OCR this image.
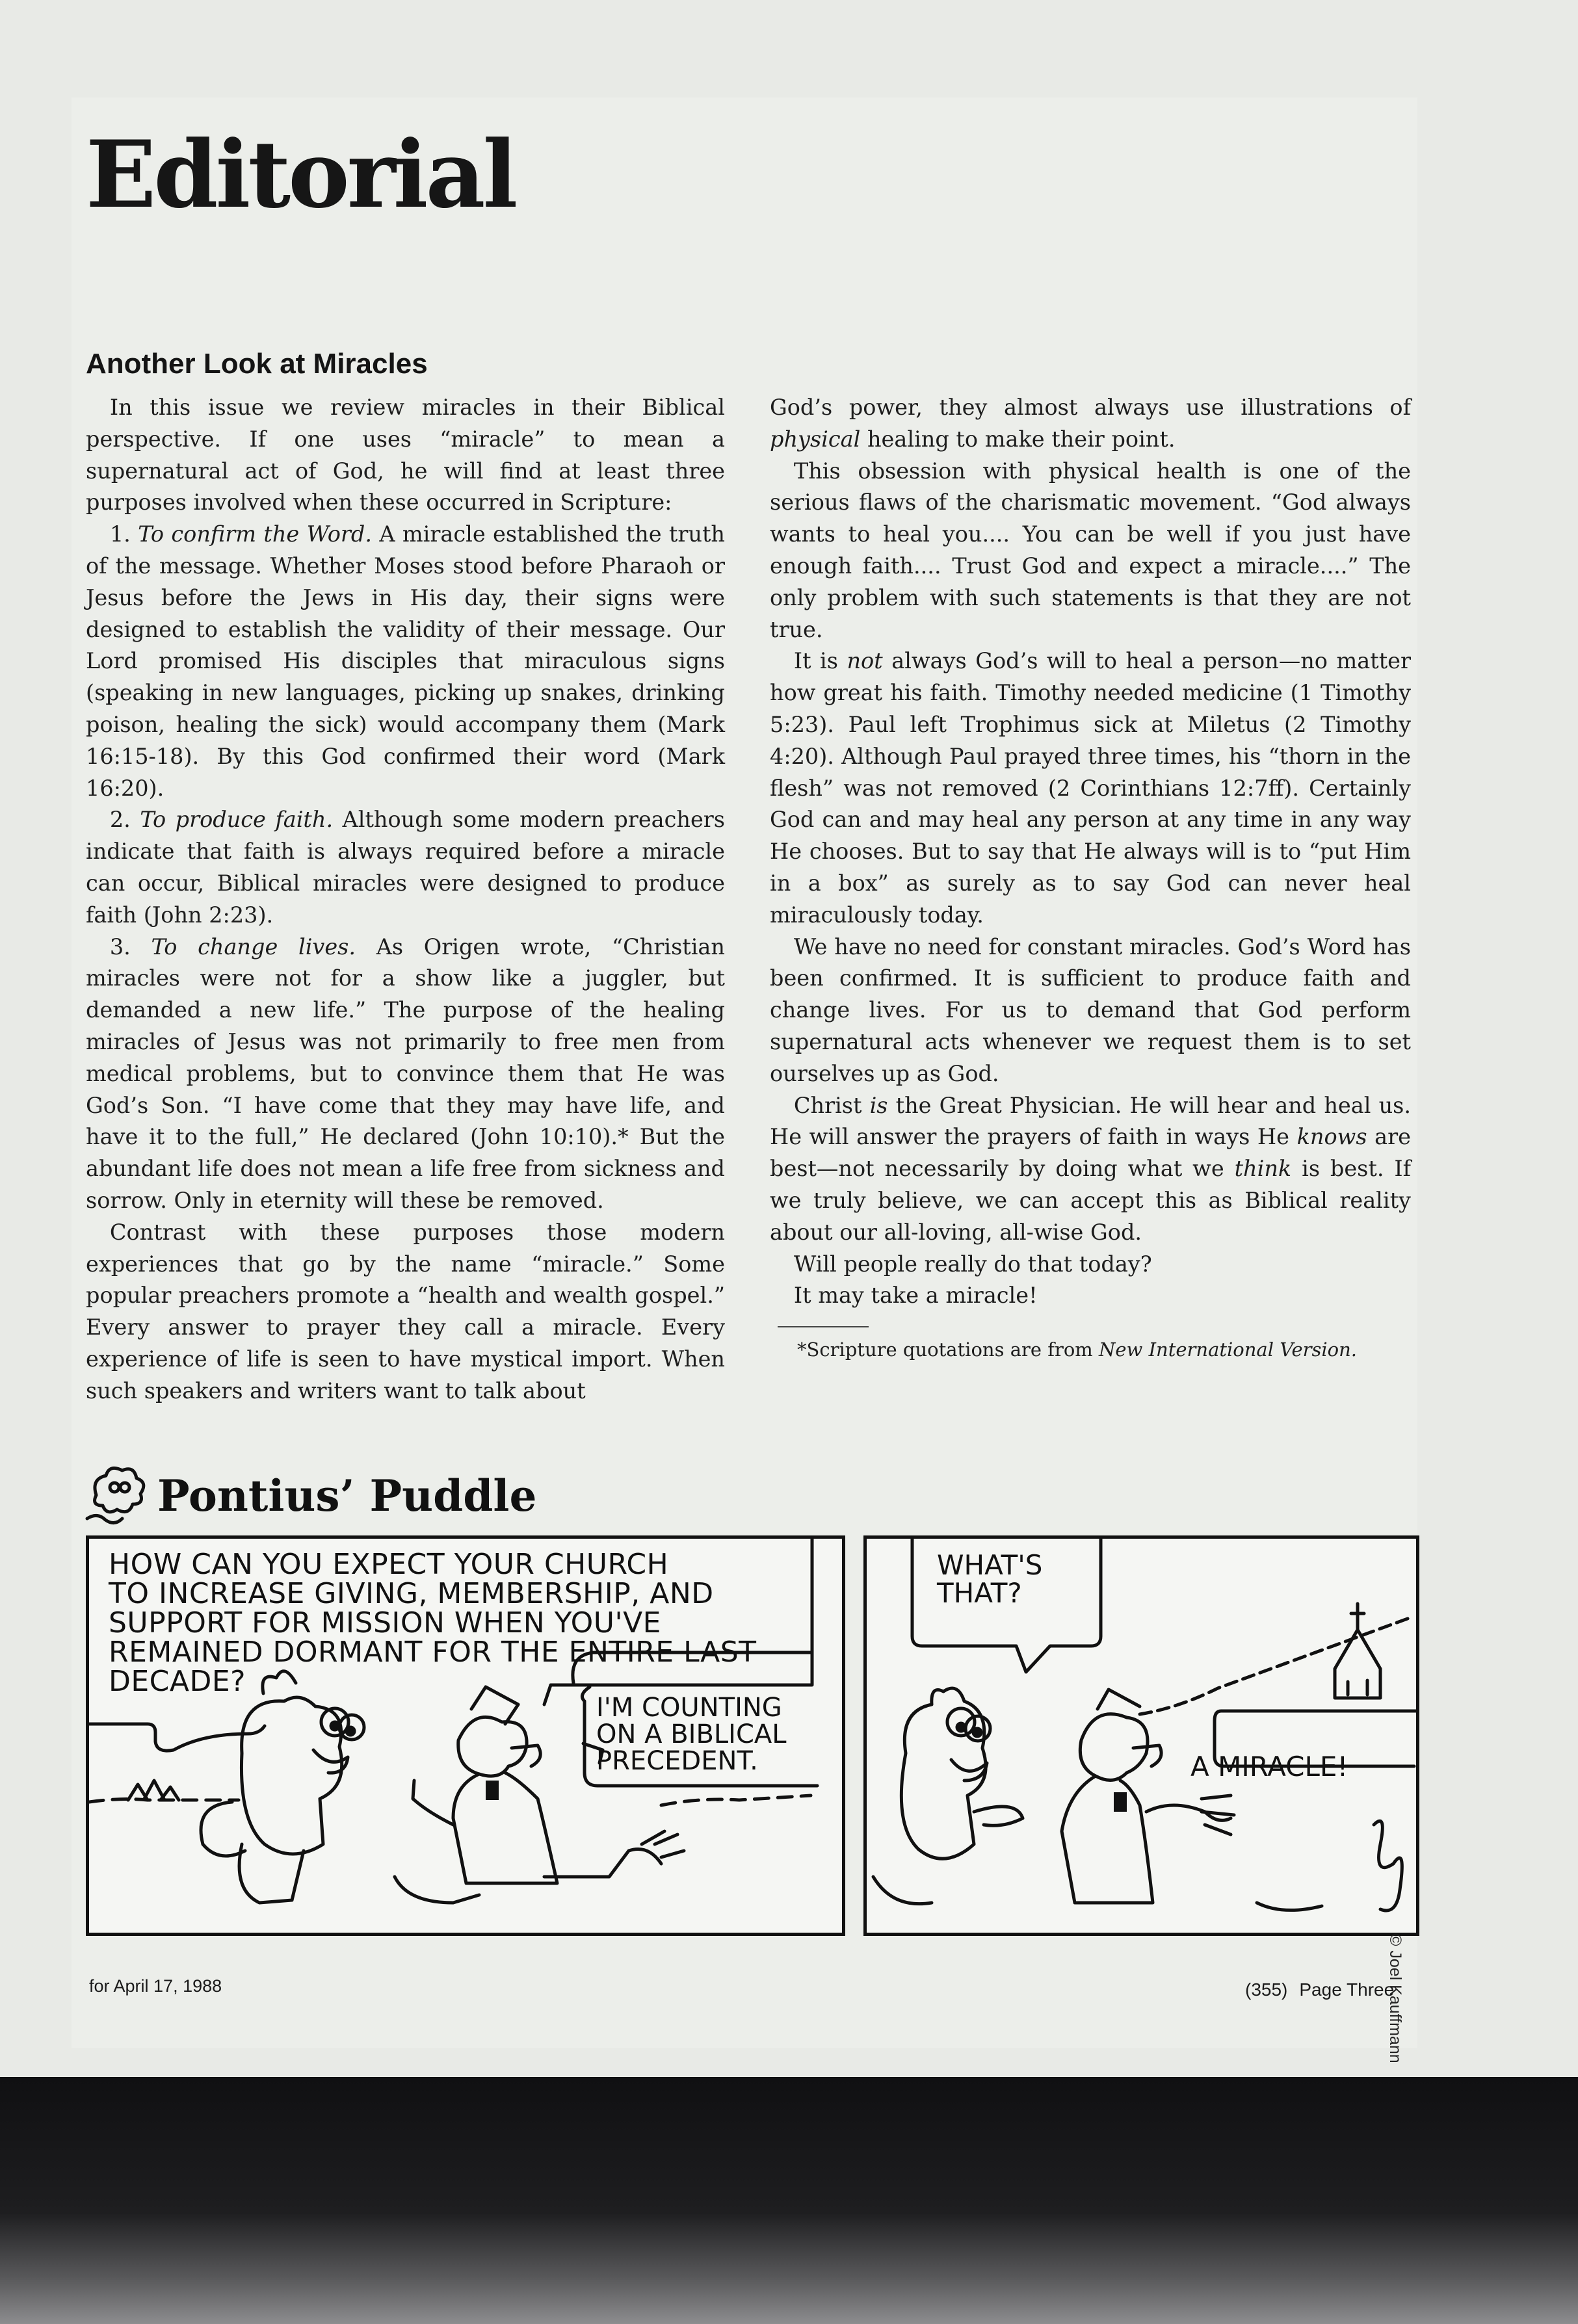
Editorial
Another Look at Miracles

In this issue we review miracles in their Biblical perspective. If one uses “miracle” to mean a supernatural act of God, he will find at least three purposes involved when these occurred in Scripture:

1. To confirm the Word. A miracle established the truth of the message. Whether Moses stood before Pharaoh or Jesus before the Jews in His day, their signs were designed to establish the validity of their message. Our Lord promised His disciples that miraculous signs (speaking in new languages, picking up snakes, drinking poison, healing the sick) would accompany them (Mark 16:15-18). By this God confirmed their word (Mark 16:20).

2. To produce faith. Although some modern preachers indicate that faith is always required before a miracle can occur, Biblical miracles were designed to produce faith (John 2:23).

3. To change lives. As Origen wrote, “Christian miracles were not for a show like a juggler, but demanded a new life.” The purpose of the healing miracles of Jesus was not primarily to free men from medical problems, but to convince them that He was God’s Son. “I have come that they may have life, and have it to the full,” He declared (John 10:10).* But the abundant life does not mean a life free from sickness and sorrow. Only in eternity will these be removed.

Contrast with these purposes those modern experiences that go by the name “miracle.” Some popular preachers promote a “health and wealth gospel.” Every answer to prayer they call a miracle. Every experience of life is seen to have mystical import. When such speakers and writers want to talk about

God’s power, they almost always use illustrations of physical healing to make their point.

This obsession with physical health is one of the serious flaws of the charismatic movement. “God always wants to heal you.... You can be well if you just have enough faith.... Trust God and expect a miracle....” The only problem with such statements is that they are not true.

It is not always God’s will to heal a person—no matter how great his faith. Timothy needed medicine (1 Timothy 5:23). Paul left Trophimus sick at Miletus (2 Timothy 4:20). Although Paul prayed three times, his “thorn in the flesh” was not removed (2 Corinthians 12:7ff). Certainly God can and may heal any person at any time in any way He chooses. But to say that He always will is to “put Him in a box” as surely as to say God can never heal miraculously today.

We have no need for constant miracles. God’s Word has been confirmed. It is sufficient to produce faith and change lives. For us to demand that God perform supernatural acts whenever we request them is to set ourselves up as God.

Christ is the Great Physician. He will hear and heal us. He will answer the prayers of faith in ways He knows are best—not necessarily by doing what we think is best. If we truly believe, we can accept this as Biblical reality about our all-loving, all-wise God.

Will people really do that today?

It may take a miracle!

*Scripture quotations are from New International Version.

Pontius’ Puddle
HOW CAN YOU EXPECT YOUR CHURCH
TO INCREASE GIVING, MEMBERSHIP, AND
SUPPORT FOR MISSION WHEN YOU'VE
REMAINED DORMANT FOR THE ENTIRE LAST
DECADE?
I'M COUNTING
ON A BIBLICAL
PRECEDENT.
WHAT'S
THAT?
A MIRACLE!
© Joel Kauffmann
for April 17, 1988	(355) Page Three
